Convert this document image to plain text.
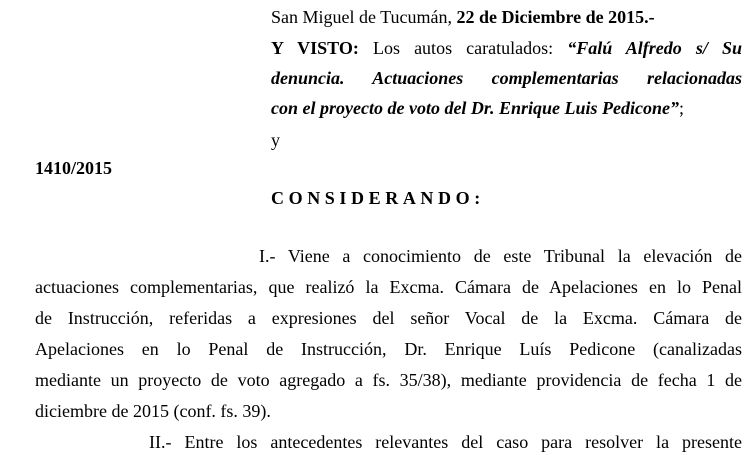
San Miguel de Tucumán, 22 de Diciembre de 2015.-
Y VISTO: Los autos caratulados: “Falú Alfredo s/ Su
denuncia. Actuaciones complementarias relacionadas
con el proyecto de voto del Dr. Enrique Luis Pedicone”;
y
1410/2015
CONSIDERANDO:
I.- Viene a conocimiento de este Tribunal la elevación de
actuaciones complementarias, que realizó la Excma. Cámara de Apelaciones en lo Penal
de Instrucción, referidas a expresiones del señor Vocal de la Excma. Cámara de
Apelaciones en lo Penal de Instrucción, Dr. Enrique Luís Pedicone (canalizadas
mediante un proyecto de voto agregado a fs. 35/38), mediante providencia de fecha 1 de
diciembre de 2015 (conf. fs. 39).
II.- Entre los antecedentes relevantes del caso para resolver la presente
